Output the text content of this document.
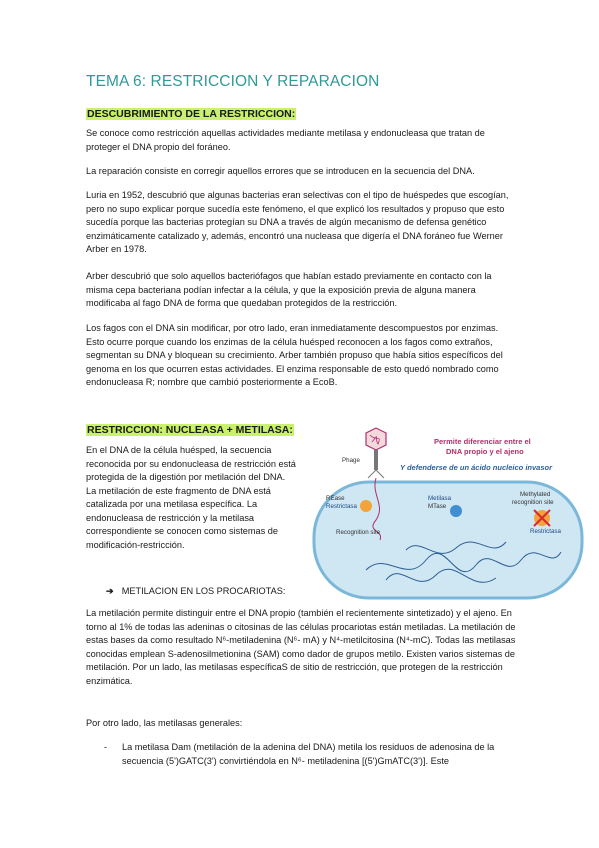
TEMA 6: RESTRICCION Y REPARACION
DESCUBRIMIENTO DE LA RESTRICCION:

Se conoce como restricción aquellas actividades mediante metilasa y endonucleasa que tratan de proteger el DNA propio del foráneo.

La reparación consiste en corregir aquellos errores que se introducen en la secuencia del DNA.

Luria en 1952, descubrió que algunas bacterias eran selectivas con el tipo de huéspedes que escogían, pero no supo explicar porque sucedía este fenómeno, el que explicó los resultados y propuso que esto sucedía porque las bacterias protegían su DNA a través de algún mecanismo de defensa genético enzimáticamente catalizado y, además, encontró una nucleasa que digería el DNA foráneo fue Werner Arber en 1978.

Arber descubrió que solo aquellos bacteriófagos que habían estado previamente en contacto con la misma cepa bacteriana podían infectar a la célula, y que la exposición previa de alguna manera modificaba al fago DNA de forma que quedaban protegidos de la restricción.

Los fagos con el DNA sin modificar, por otro lado, eran inmediatamente descompuestos por enzimas. Esto ocurre porque cuando los enzimas de la célula huésped reconocen a los fagos como extraños, segmentan su DNA y bloquean su crecimiento. Arber también propuso que había sitios específicos del genoma en los que ocurren estas actividades. El enzima responsable de esto quedó nombrado como endonucleasa R; nombre que cambió posteriormente a EcoB.

RESTRICCION: NUCLEASA + METILASA:

En el DNA de la célula huésped, la secuencia reconocida por su endonucleasa de restricción está protegida de la digestión por metilación del DNA. La metilación de este fragmento de DNA está catalizada por una metilasa específica. La endonucleasa de restricción y la metilasa correspondiente se conocen como sistemas de modificación-restricción.

➔ METILACION EN LOS PROCARIOTAS:

La metilación permite distinguir entre el DNA propio (también el recientemente sintetizado) y el ajeno. En torno al 1% de todas las adeninas o citosinas de las células procariotas están metiladas. La metilación de estas bases da como resultado N⁶-metiladenina (N⁶- mA) y N⁴-metilcitosina (N⁴-mC). Todas las metilasas conocidas emplean S-adenosilmetionina (SAM) como dador de grupos metilo. Existen varios sistemas de metilación. Por un lado, las metilasas específicaS de sitio de restricción, que protegen de la restricción enzimática.

Por otro lado, las metilasas generales:

- La metilasa Dam (metilación de la adenina del DNA) metila los residuos de adenosina de la secuencia (5')GATC(3') convirtiéndola en N⁶- metiladenina [(5')GmATC(3')]. Este

Phage
Permite diferenciar entre el
DNA propio y el ajeno
Y defenderse de un ácido nucleico invasor
REase
Restrictasa
Recognition site
Metilasa
MTase
Methylated
recognition site
Restrictasa
